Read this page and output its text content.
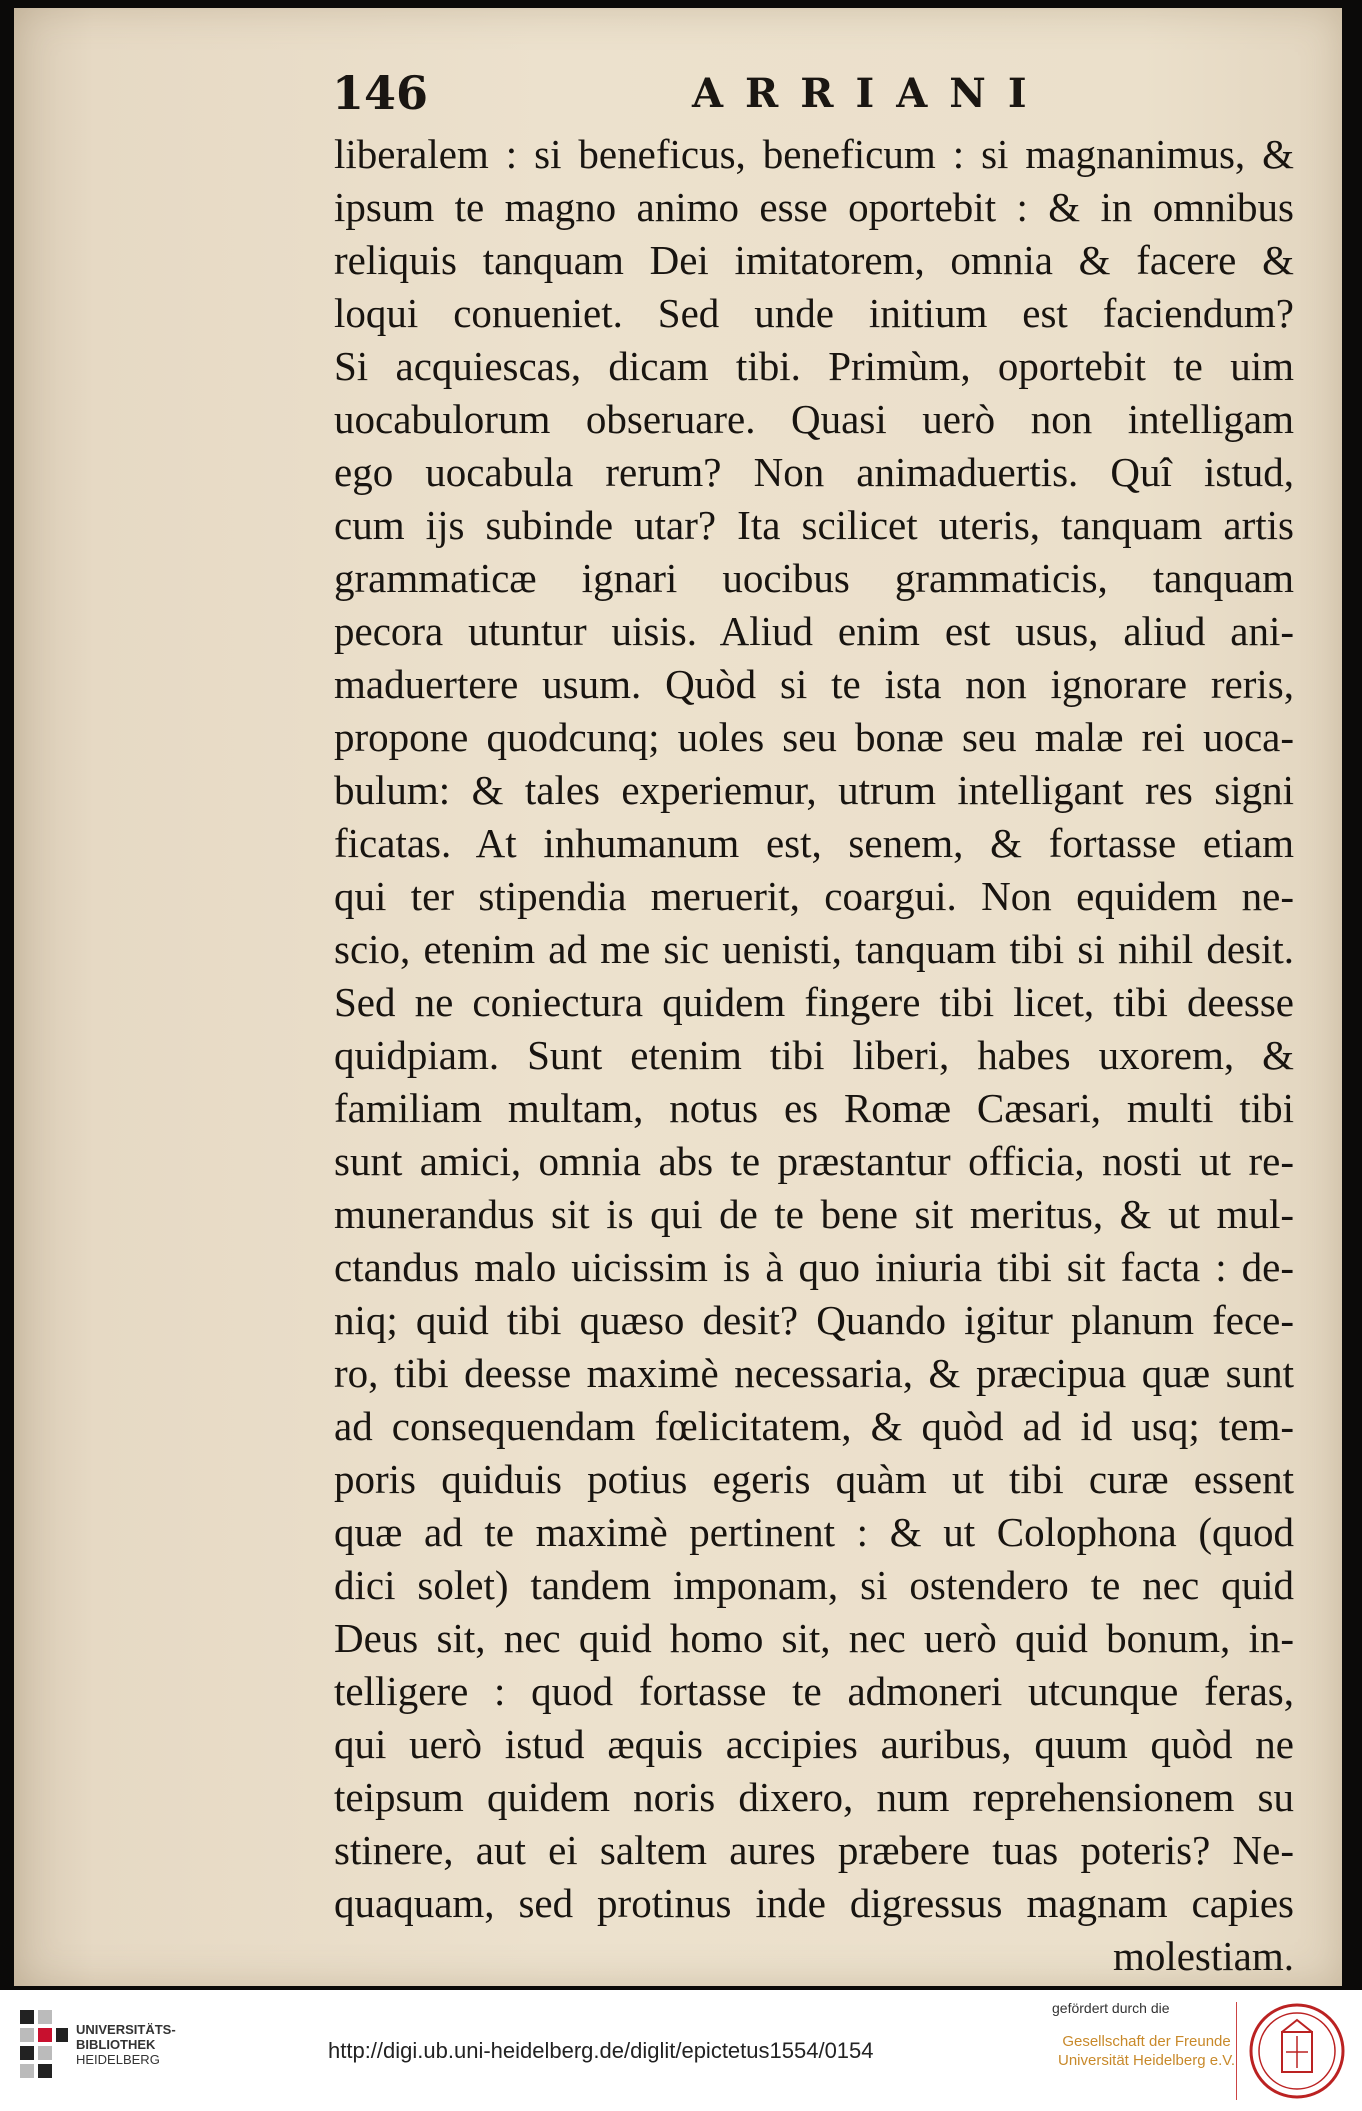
146	ARRIANI
liberalem : si beneficus, beneficum : si magnanimus, &
ipsum te magno animo esse oportebit : & in omnibus
reliquis tanquam Dei imitatorem, omnia & facere &
loqui conueniet. Sed unde initium est faciendum?
Si acquiescas, dicam tibi. Primùm, oportebit te uim
uocabulorum obseruare. Quasi uerò non intelligam
ego uocabula rerum? Non animaduertis. Quî istud,
cum ijs subinde utar? Ita scilicet uteris, tanquam artis
grammaticæ ignari uocibus grammaticis, tanquam
pecora utuntur uisis. Aliud enim est usus, aliud ani-
maduertere usum. Quòd si te ista non ignorare reris,
propone quodcunq; uoles seu bonæ seu malæ rei uoca-
bulum: & tales experiemur, utrum intelligant res signi
ficatas. At inhumanum est, senem, & fortasse etiam
qui ter stipendia meruerit, coargui. Non equidem ne-
scio, etenim ad me sic uenisti, tanquam tibi si nihil desit.
Sed ne coniectura quidem fingere tibi licet, tibi deesse
quidpiam. Sunt etenim tibi liberi, habes uxorem, &
familiam multam, notus es Romæ Cæsari, multi tibi
sunt amici, omnia abs te præstantur officia, nosti ut re-
munerandus sit is qui de te bene sit meritus, & ut mul-
ctandus malo uicissim is à quo iniuria tibi sit facta : de-
niq; quid tibi quæso desit? Quando igitur planum fece-
ro, tibi deesse maximè necessaria, & præcipua quæ sunt
ad consequendam fœlicitatem, & quòd ad id usq; tem-
poris quiduis potius egeris quàm ut tibi curæ essent
quæ ad te maximè pertinent : & ut Colophona (quod
dici solet) tandem imponam, si ostendero te nec quid
Deus sit, nec quid homo sit, nec uerò quid bonum, in-
telligere : quod fortasse te admoneri utcunque feras,
qui uerò istud æquis accipies auribus, quum quòd ne
teipsum quidem noris dixero, num reprehensionem su
stinere, aut ei saltem aures præbere tuas poteris? Ne-
quaquam, sed protinus inde digressus magnam capies
molestiam.
UNIVERSITÄTS-
BIBLIOTHEK
HEIDELBERG	http://digi.ub.uni-heidelberg.de/diglit/epictetus1554/0154
gefördert durch die
Gesellschaft der Freunde
Universität Heidelberg e.V.
